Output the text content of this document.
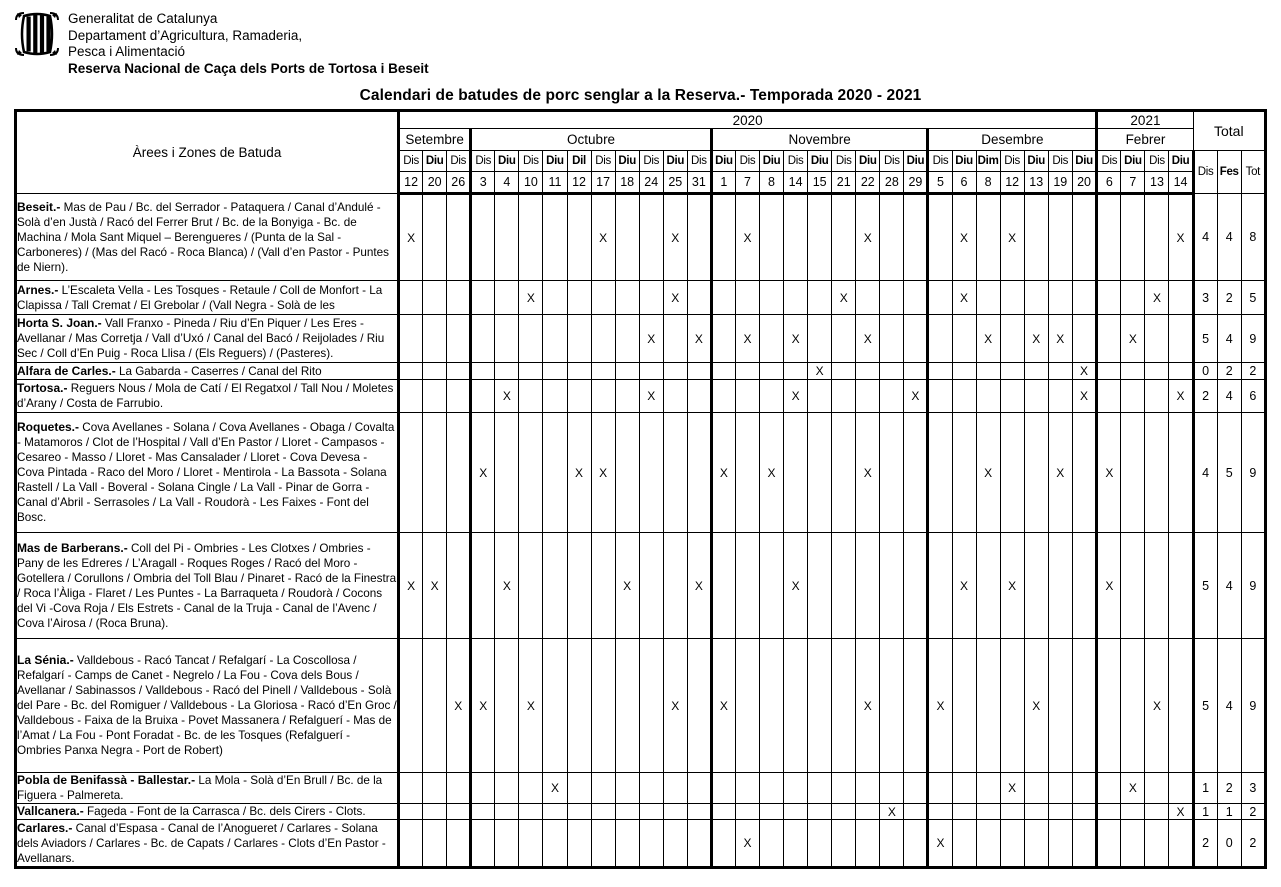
Generalitat de Catalunya
Departament d’Agricultura, Ramaderia,
Pesca i Alimentació
Reserva Nacional de Caça dels Ports de Tortosa i Beseit
Calendari de batudes de porc senglar a la Reserva.- Temporada 2020 - 2021
Àrees i Zones de Batuda	2020																													2021				Total		
	Setembre			Octubre										Novembre									Desembre							Febrer						
	Dis	Diu	Dis	Dis	Diu	Dis	Diu	Dil	Dis	Diu	Dis	Diu	Dis	Diu	Dis	Diu	Dis	Diu	Dis	Diu	Dis	Diu	Dis	Diu	Dim	Dis	Diu	Dis	Diu	Dis	Diu	Dis	Diu	Dis	Fes	Tot
	12	20	26	3	4	10	11	12	17	18	24	25	31	1	7	8	14	15	21	22	28	29	5	6	8	12	13	19	20	6	7	13	14			
Beseit.- Mas de Pau / Bc. del Serrador - Pataquera / Canal d’Andulé - Solà d’en Justà / Racó del Ferrer Brut / Bc. de la Bonyiga - Bc. de Machina / Mola Sant Miquel – Berengueres / (Punta de la Sal - Carboneres) / (Mas del Racó - Roca Blanca) / (Vall d’en Pastor - Puntes de Niern).	X								X			X			X					X				X		X							X	4	4	8
Arnes.- L’Escaleta Vella - Les Tosques - Retaule / Coll de Monfort - La Clapissa / Tall Cremat / El Grebolar / (Vall Negra - Solà de les						X						X							X					X								X		3	2	5
Horta S. Joan.- Vall Franxo - Pineda / Riu d’En Piquer / Les Eres - Avellanar / Mas Corretja / Vall d’Uxó / Canal del Bacó / Reijolades / Riu Sec / Coll d’En Puig - Roca Llisa / (Els Reguers) / (Pasteres).											X		X		X		X			X					X		X	X			X			5	4	9
Alfara de Carles.- La Gabarda - Caserres / Canal del Rito																		X											X					0	2	2
Tortosa.- Reguers Nous / Mola de Catí / El Regatxol / Tall Nou / Moletes d’Arany / Costa de Farrubio.					X						X						X					X							X				X	2	4	6
Roquetes.- Cova Avellanes - Solana / Cova Avellanes - Obaga / Covalta - Matamoros / Clot de l’Hospital / Vall d’En Pastor / Lloret - Campasos - Cesareo - Masso / Lloret - Mas Cansalader / Lloret - Cova Devesa - Cova Pintada - Raco del Moro / Lloret - Mentirola - La Bassota - Solana Rastell / La Vall - Boveral - Solana Cingle / La Vall - Pinar de Gorra - Canal d’Abril - Serrasoles / La Vall - Roudorà - Les Faixes - Font del Bosc.				X				X	X					X		X				X					X			X		X				4	5	9
Mas de Barberans.- Coll del Pi - Ombries - Les Clotxes / Ombries - Pany de les Edreres / L’Aragall - Roques Roges / Racó del Moro - Gotellera / Corullons / Ombria del Toll Blau / Pinaret - Racó de la Finestra / Roca l’Àliga - Flaret / Les Puntes - La Barraqueta / Roudorà / Cocons del Vi -Cova Roja / Els Estrets - Canal de la Truja - Canal de l’Avenc / Cova l’Airosa / (Roca Bruna).	X	X			X					X			X				X							X		X				X				5	4	9
La Sénia.- Valldebous - Racó Tancat / Refalgarí - La Coscollosa / Refalgarí - Camps de Canet - Negrelo / La Fou - Cova dels Bous / Avellanar / Sabinassos / Valldebous - Racó del Pinell / Valldebous - Solà del Pare - Bc. del Romiguer / Valldebous - La Gloriosa - Racó d’En Groc / Valldebous - Faixa de la Bruixa - Povet Massanera / Refalguerí - Mas de l’Amat / La Fou - Pont Foradat - Bc. de les Tosques (Refalguerí - Ombries Panxa Negra - Port de Robert)			X	X		X						X		X						X			X				X					X		5	4	9
Pobla de Benifassà - Ballestar.- La Mola - Solà d’En Brull / Bc. de la Figuera - Palmereta.							X																			X					X			1	2	3
Vallcanera.- Fageda - Font de la Carrasca / Bc. dels Cirers - Clots.																					X												X	1	1	2
Carlares.- Canal d’Espasa - Canal de l’Anogueret / Carlares - Solana dels Aviadors / Carlares - Bc. de Capats / Carlares - Clots d’En Pastor - Avellanars.															X								X											2	0	2
